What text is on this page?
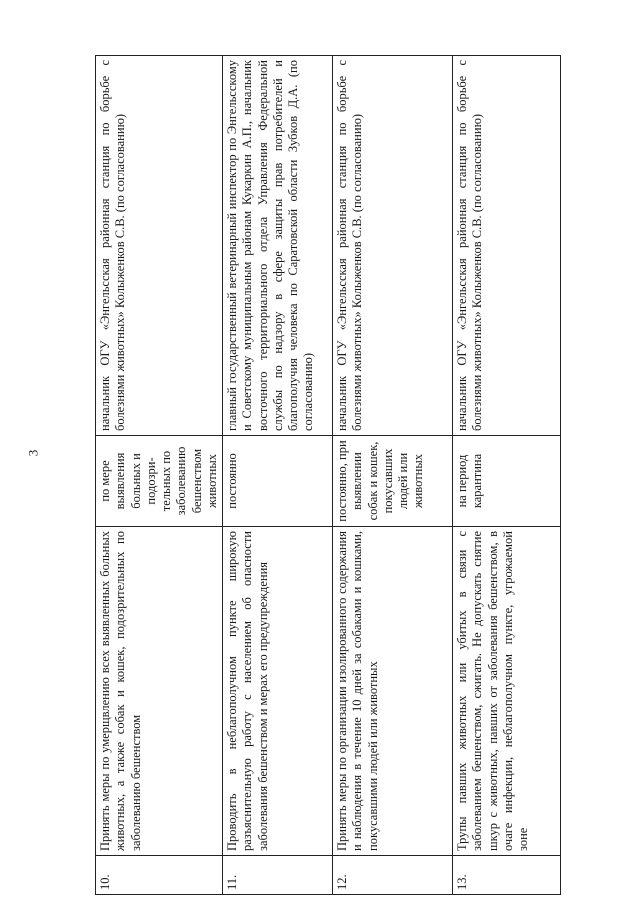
3
10.	Принять меры по умерщвлению всех выявленных больных животных, а также собак и кошек, подозрительных по заболеванию бешенством	по мере выявления больных и подозри-тельных по заболеванию бешенством животных	начальник ОГУ «Энгельсская районная станция по борьбе с болезнями животных» Колыженков С.В. (по согласованию)
11.	Проводить в неблагополучном пункте широкую разъяснительную работу с населением об опасности заболевания бешенством и мерах его предупреждения	постоянно	главный государственный ветеринарный инспектор по Энгельсскому и Советскому муниципальным районам Кукаркин А.П., начальник восточного территориального отдела Управления Федеральной службы по надзору в сфере защиты прав потребителей и благополучия человека по Саратовской области Зубков Д.А. (по согласованию)
12.	Принять меры по организации изолированного содержания и наблюдения в течение 10 дней за собаками и кошками, покусавшими людей или животных	постоянно, при выявлении собак и кошек, покусавших людей или животных	начальник ОГУ «Энгельсская районная станция по борьбе с болезнями животных» Колыженков С.В. (по согласованию)
13.	Трупы павших животных или убитых в связи с заболеванием бешенством, сжигать. Не допускать снятие шкур с животных, павших от заболевания бешенством, в очаге инфекции, неблагополучном пункте, угрожаемой зоне	на период карантина	начальник ОГУ «Энгельсская районная станция по борьбе с болезнями животных» Колыженков С.В. (по согласованию)
